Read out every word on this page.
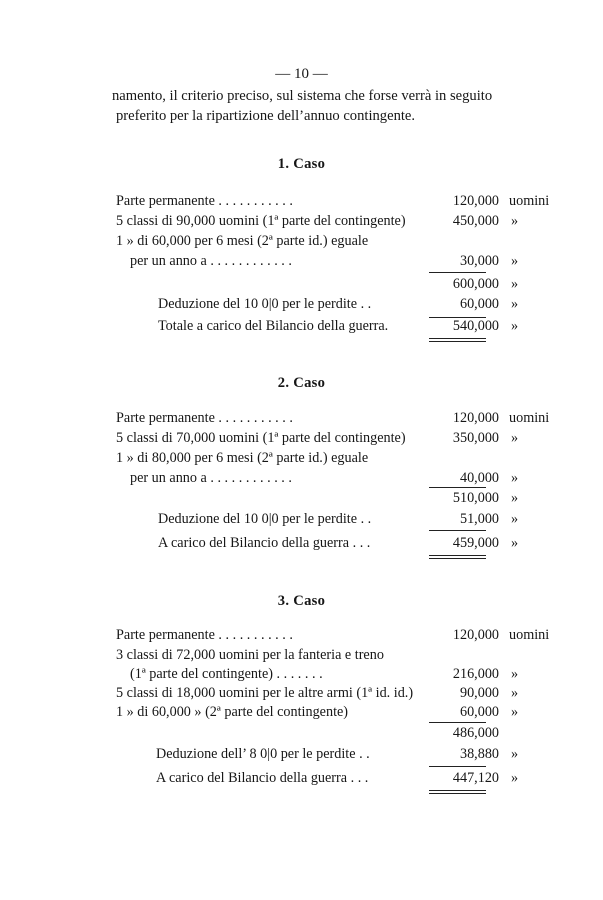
— 10 —
namento, il criterio preciso, sul sistema che forse verrà in seguito
preferito per la ripartizione dell’annuo contingente.
1. Caso
Parte permanente . . . . . . . . . . .	120,000 uomini
5 classi di 90,000 uomini (1ª parte del contingente)	450,000 »
1 » di 60,000 per 6 mesi (2ª parte id.) eguale
per un anno a . . . . . . . . . . . .	30,000 »
600,000 »
Deduzione del 10 0|0 per le perdite . .	60,000 »
Totale a carico del Bilancio della guerra.	540,000 »
2. Caso
Parte permanente . . . . . . . . . . .	120,000 uomini
5 classi di 70,000 uomini (1ª parte del contingente)	350,000 »
1 » di 80,000 per 6 mesi (2ª parte id.) eguale
per un anno a . . . . . . . . . . . .	40,000 »
510,000 »
Deduzione del 10 0|0 per le perdite . .	51,000 »
A carico del Bilancio della guerra . . .	459,000 »
3. Caso
Parte permanente . . . . . . . . . . .	120,000 uomini
3 classi di 72,000 uomini per la fanteria e treno
(1ª parte del contingente) . . . . . . .	216,000 »
5 classi di 18,000 uomini per le altre armi (1ª id. id.)	90,000 »
1 » di 60,000 » (2ª parte del contingente)	60,000 »
486,000
Deduzione dell’ 8 0|0 per le perdite . .	38,880 »
A carico del Bilancio della guerra . . .	447,120 »
